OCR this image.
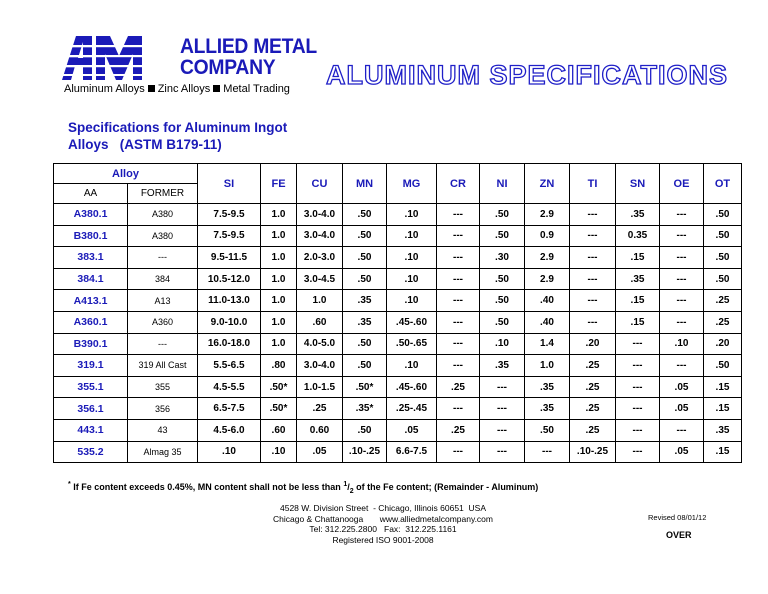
ALLIED METAL
COMPANY
Aluminum Alloys Zinc Alloys Metal Trading ALUMINUM SPECIFICATIONS
Specifications for Aluminum Ingot
Alloys   (ASTM B179-11)
Alloy		SI	FE	CU	MN	MG	CR	NI	ZN	TI	SN	OE	OT
AA	FORMER												
A380.1	A380	7.5-9.5	1.0	3.0-4.0	.50	.10	---	.50	2.9	---	.35	---	.50
B380.1	A380	7.5-9.5	1.0	3.0-4.0	.50	.10	---	.50	0.9	---	0.35	---	.50
383.1	---	9.5-11.5	1.0	2.0-3.0	.50	.10	---	.30	2.9	---	.15	---	.50
384.1	384	10.5-12.0	1.0	3.0-4.5	.50	.10	---	.50	2.9	---	.35	---	.50
A413.1	A13	11.0-13.0	1.0	1.0	.35	.10	---	.50	.40	---	.15	---	.25
A360.1	A360	9.0-10.0	1.0	.60	.35	.45-.60	---	.50	.40	---	.15	---	.25
B390.1	---	16.0-18.0	1.0	4.0-5.0	.50	.50-.65	---	.10	1.4	.20	---	.10	.20
319.1	319 All Cast	5.5-6.5	.80	3.0-4.0	.50	.10	---	.35	1.0	.25	---	---	.50
355.1	355	4.5-5.5	.50*	1.0-1.5	.50*	.45-.60	.25	---	.35	.25	---	.05	.15
356.1	356	6.5-7.5	.50*	.25	.35*	.25-.45	---	---	.35	.25	---	.05	.15
443.1	43	4.5-6.0	.60	0.60	.50	.05	.25	---	.50	.25	---	---	.35
535.2	Almag 35	.10	.10	.05	.10-.25	6.6-7.5	---	---	---	.10-.25	---	.05	.15
* If Fe content exceeds 0.45%, MN content shall not be less than $^1/_2$ of the Fe content; (Remainder - Aluminum)
4528 W. Division Street  - Chicago, Illinois 60651  USA
Chicago & Chattanooga       www.alliedmetalcompany.com
Tel: 312.225.2800   Fax:  312.225.1161
Registered ISO 9001-2008
Revised 08/01/12
OVER
